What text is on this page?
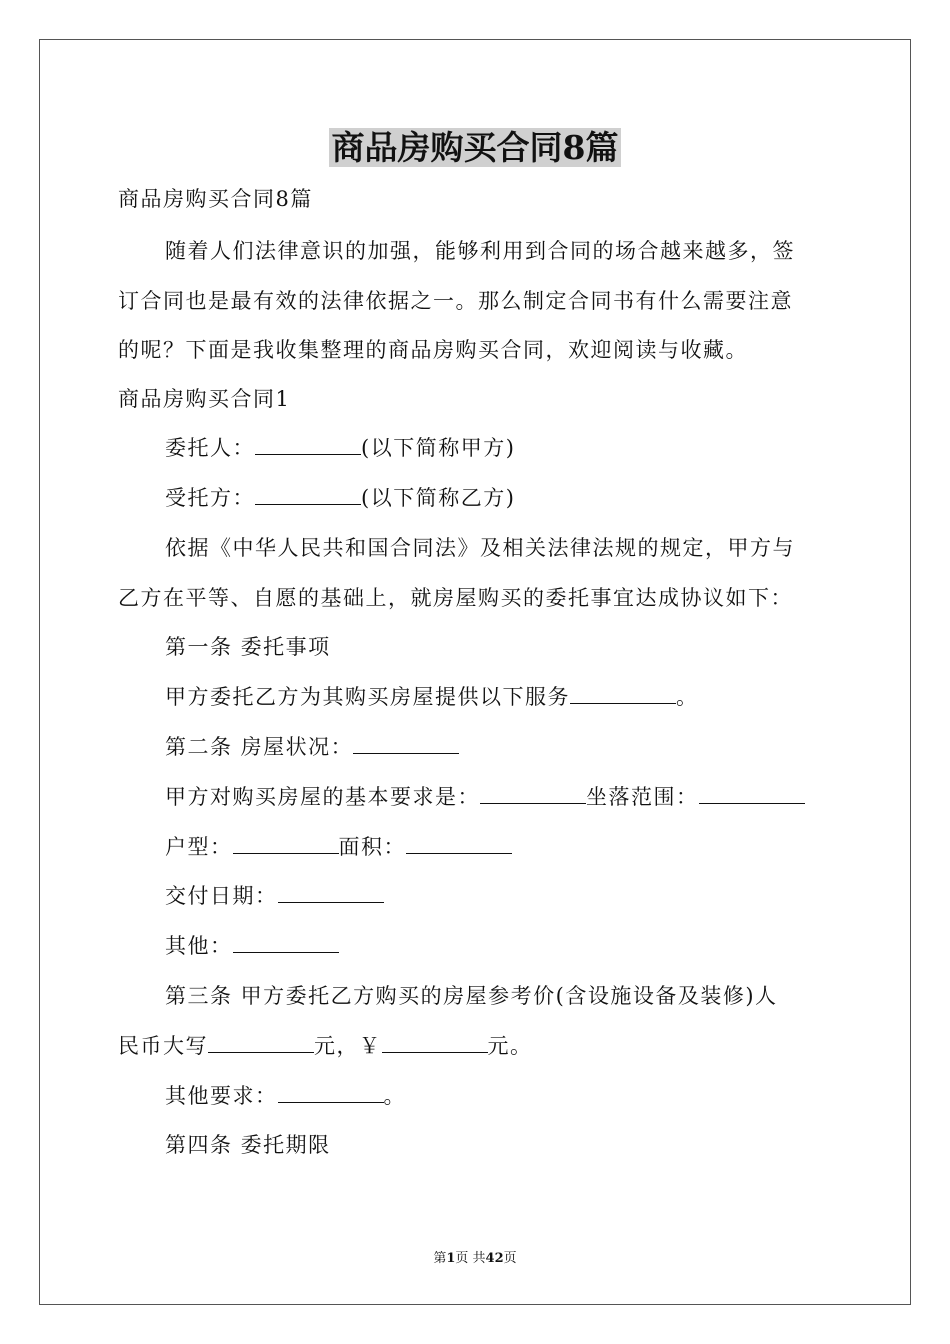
商品房购买合同8篇
商品房购买合同8篇
随着人们法律意识的加强，能够利用到合同的场合越来越多，签
订合同也是最有效的法律依据之一。那么制定合同书有什么需要注意
的呢？下面是我收集整理的商品房购买合同，欢迎阅读与收藏。
商品房购买合同1
委托人：	(以下简称甲方)
受托方：	(以下简称乙方)
依据《中华人民共和国合同法》及相关法律法规的规定，甲方与
乙方在平等、自愿的基础上，就房屋购买的委托事宜达成协议如下：
第一条 委托事项
甲方委托乙方为其购买房屋提供以下服务	。
第二条 房屋状况：
甲方对购买房屋的基本要求是：	坐落范围：
户型：	面积：
交付日期：
其他：
第三条 甲方委托乙方购买的房屋参考价(含设施设备及装修)人
民币大写	元，￥	元。
其他要求：	。
第四条 委托期限
第1页 共42页
